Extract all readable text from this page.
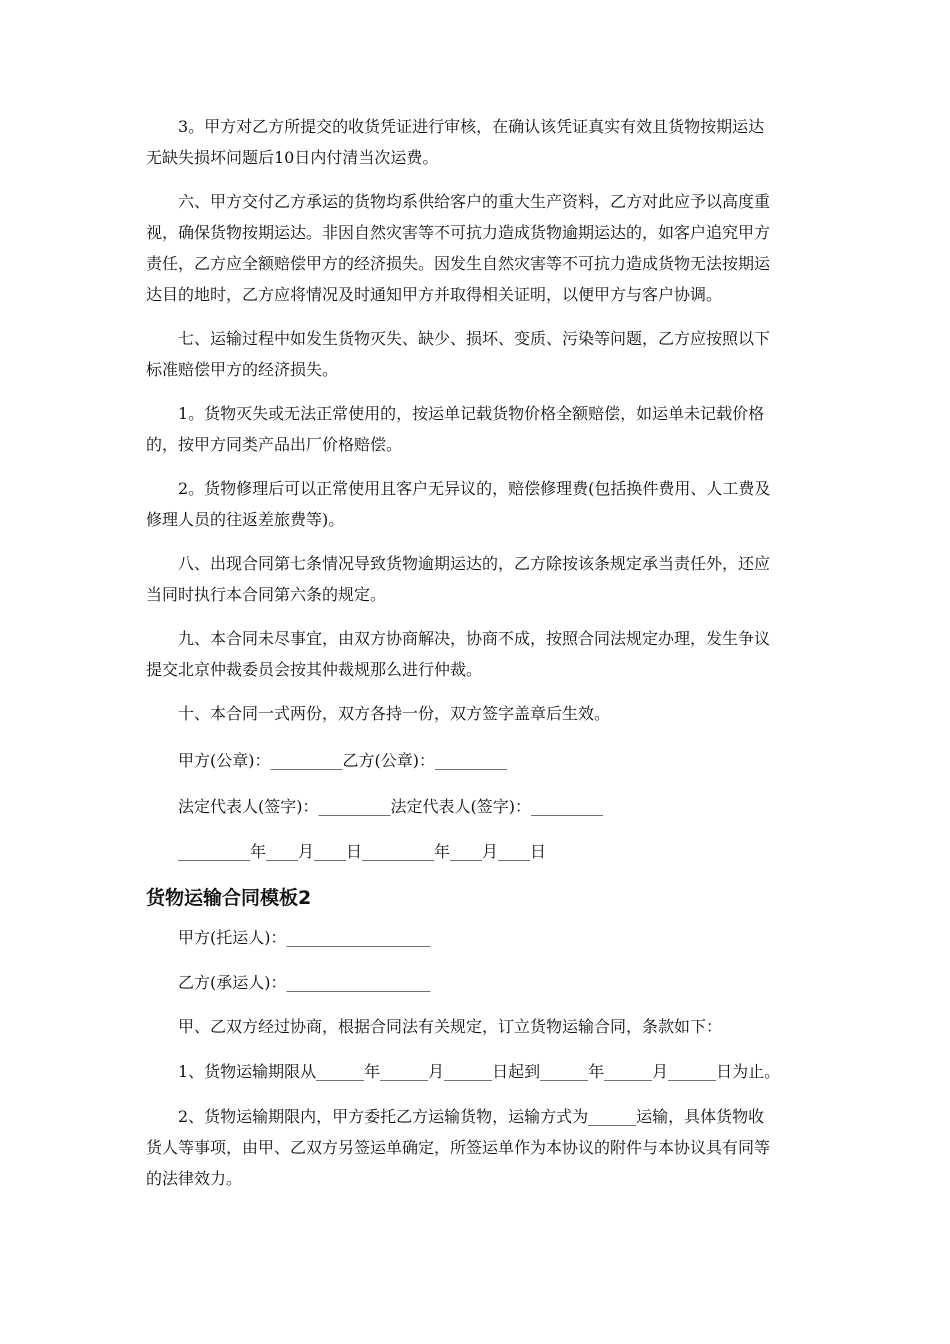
3。甲方对乙方所提交的收货凭证进行审核，在确认该凭证真实有效且货物按期运达
无缺失损坏问题后10日内付清当次运费。
六、甲方交付乙方承运的货物均系供给客户的重大生产资料，乙方对此应予以高度重
视，确保货物按期运达。非因自然灾害等不可抗力造成货物逾期运达的，如客户追究甲方
责任，乙方应全额赔偿甲方的经济损失。因发生自然灾害等不可抗力造成货物无法按期运
达目的地时，乙方应将情况及时通知甲方并取得相关证明，以便甲方与客户协调。
七、运输过程中如发生货物灭失、缺少、损坏、变质、污染等问题，乙方应按照以下
标准赔偿甲方的经济损失。
1。货物灭失或无法正常使用的，按运单记载货物价格全额赔偿，如运单未记载价格
的，按甲方同类产品出厂价格赔偿。
2。货物修理后可以正常使用且客户无异议的，赔偿修理费(包括换件费用、人工费及
修理人员的往返差旅费等)。
八、出现合同第七条情况导致货物逾期运达的，乙方除按该条规定承当责任外，还应
当同时执行本合同第六条的规定。
九、本合同未尽事宜，由双方协商解决，协商不成，按照合同法规定办理，发生争议
提交北京仲裁委员会按其仲裁规那么进行仲裁。
十、本合同一式两份，双方各持一份，双方签字盖章后生效。
甲方(公章)：_________乙方(公章)：_________
法定代表人(签字)：_________法定代表人(签字)：_________
_________年____月____日_________年____月____日
货物运输合同模板2
甲方(托运人)：__________________
乙方(承运人)：__________________
甲、乙双方经过协商，根据合同法有关规定，订立货物运输合同，条款如下：
1、货物运输期限从______年______月______日起到______年______月______日为止。
2、货物运输期限内，甲方委托乙方运输货物，运输方式为______运输，具体货物收
货人等事项，由甲、乙双方另签运单确定，所签运单作为本协议的附件与本协议具有同等
的法律效力。
